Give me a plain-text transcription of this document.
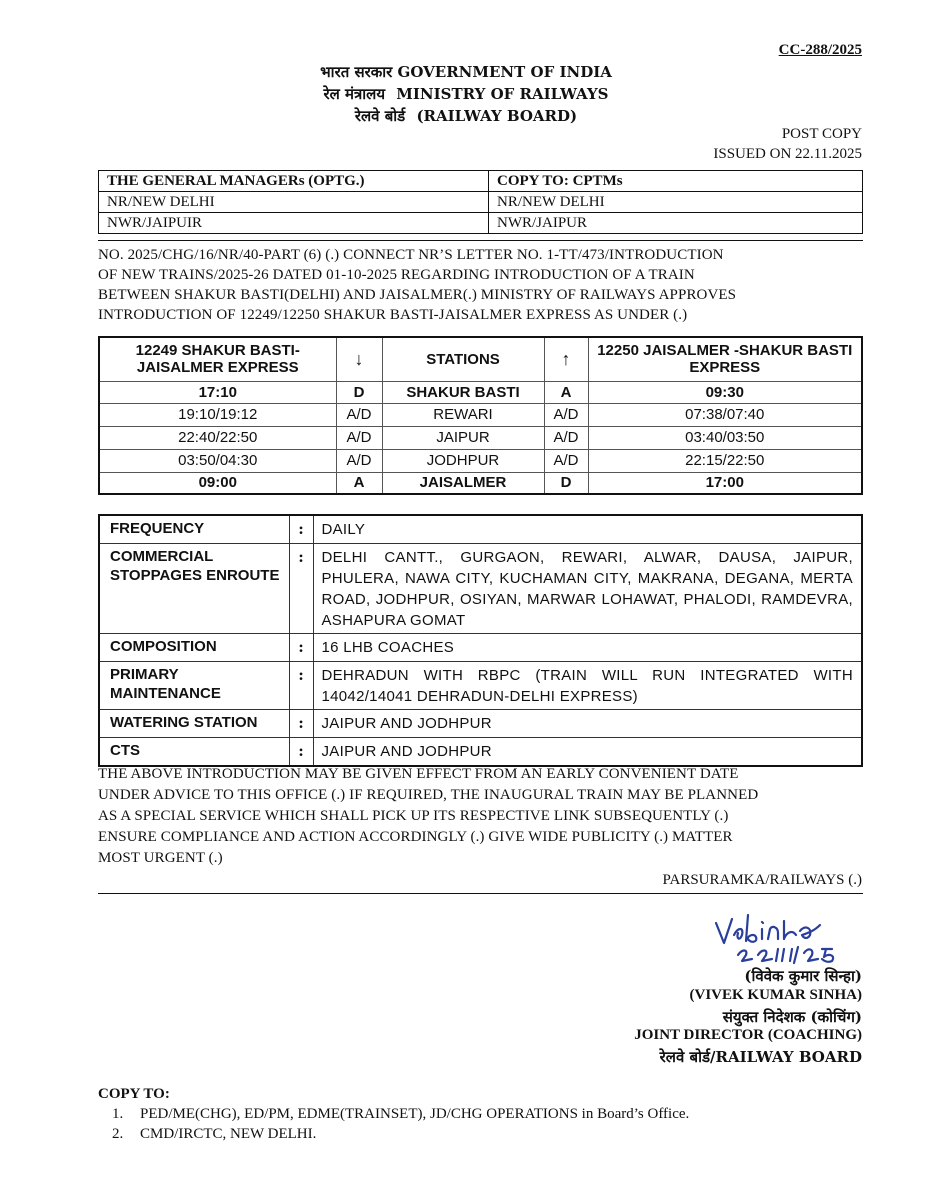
CC-288/2025
भारत सरकार GOVERNMENT OF INDIA
रेल मंत्रालय MINISTRY OF RAILWAYS
रेलवे बोर्ड (RAILWAY BOARD)
POST COPY
ISSUED ON 22.11.2025
THE GENERAL MANAGERs (OPTG.)	COPY TO: CPTMs
NR/NEW DELHI	NR/NEW DELHI
NWR/JAIPUIR	NWR/JAIPUR
NO. 2025/CHG/16/NR/40-PART (6) (.) CONNECT NR’S LETTER NO. 1-TT/473/INTRODUCTION
OF NEW TRAINS/2025-26 DATED 01-10-2025 REGARDING INTRODUCTION OF A TRAIN
BETWEEN SHAKUR BASTI(DELHI) AND JAISALMER(.) MINISTRY OF RAILWAYS APPROVES
INTRODUCTION OF 12249/12250 SHAKUR BASTI-JAISALMER EXPRESS AS UNDER (.)
12249 SHAKUR BASTI-JAISALMER EXPRESS	↓	STATIONS	↑	12250 JAISALMER -SHAKUR BASTI EXPRESS
17:10	D	SHAKUR BASTI	A	09:30
19:10/19:12	A/D	REWARI	A/D	07:38/07:40
22:40/22:50	A/D	JAIPUR	A/D	03:40/03:50
03:50/04:30	A/D	JODHPUR	A/D	22:15/22:50
09:00	A	JAISALMER	D	17:00
FREQUENCY	:	DAILY
COMMERCIAL STOPPAGES ENROUTE	:	DELHI CANTT., GURGAON, REWARI, ALWAR, DAUSA, JAIPUR, PHULERA, NAWA CITY, KUCHAMAN CITY, MAKRANA, DEGANA, MERTA ROAD, JODHPUR, OSIYAN, MARWAR LOHAWAT, PHALODI, RAMDEVRA, ASHAPURA GOMAT
COMPOSITION	:	16 LHB COACHES
PRIMARY MAINTENANCE	:	DEHRADUN WITH RBPC (TRAIN WILL RUN INTEGRATED WITH 14042/14041 DEHRADUN-DELHI EXPRESS)
WATERING STATION	:	JAIPUR AND JODHPUR
CTS	:	JAIPUR AND JODHPUR
THE ABOVE INTRODUCTION MAY BE GIVEN EFFECT FROM AN EARLY CONVENIENT DATE
UNDER ADVICE TO THIS OFFICE (.) IF REQUIRED, THE INAUGURAL TRAIN MAY BE PLANNED
AS A SPECIAL SERVICE WHICH SHALL PICK UP ITS RESPECTIVE LINK SUBSEQUENTLY (.)
ENSURE COMPLIANCE AND ACTION ACCORDINGLY (.) GIVE WIDE PUBLICITY (.) MATTER
MOST URGENT (.)
PARSURAMKA/RAILWAYS (.)
(विवेक कुमार सिन्हा)
(VIVEK KUMAR SINHA)
संयुक्त निदेशक (कोचिंग)
JOINT DIRECTOR (COACHING)
रेलवे बोर्ड/RAILWAY BOARD
COPY TO:
1. PED/ME(CHG), ED/PM, EDME(TRAINSET), JD/CHG OPERATIONS in Board’s Office.
2. CMD/IRCTC, NEW DELHI.
